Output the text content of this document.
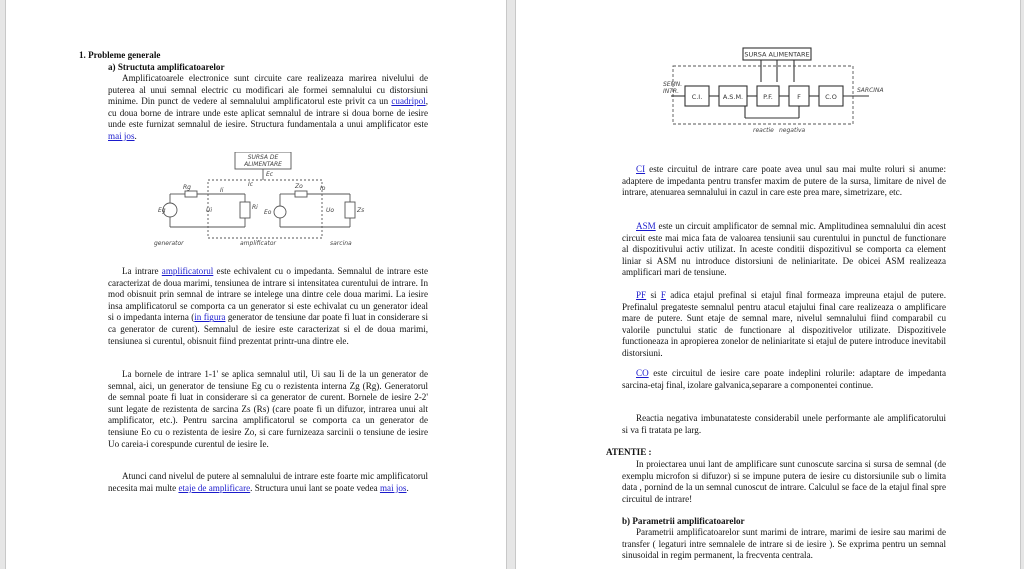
1. Probleme generale

a) Structuta amplificatoarelor

Amplificatoarele electronice sunt circuite care realizeaza marirea nivelului de puterea al unui semnal electric cu modificari ale formei semnalului cu distorsiuni minime. Din punct de vedere al semnalului amplificatorul este privit ca un cuadripol, cu doua borne de intrare unde este aplicat semnalul de intrare si doua borne de iesire unde este furnizat semnalul de iesire. Structura fundamentala a unui amplificator este mai jos.

SURSA DE
ALIMENTARE
Ec
Ic
Eg
Rg
Ui	Ri
Ii
Eo
Zo
Uo
Io
Zs
generator	amplificator	sarcina

La intrare amplificatorul este echivalent cu o impedanta. Semnalul de intrare este caracterizat de doua marimi, tensiunea de intrare si intensitatea curentului de intrare. In mod obisnuit prin semnal de intrare se intelege una dintre cele doua marimi. La iesire insa amplificatorul se comporta ca un generator si este echivalat cu un generator ideal si o impedanta interna (in figura generator de tensiune dar poate fi luat in considerare si ca generator de curent). Semnalul de iesire este caracterizat si el de doua marimi, tensiunea si curentul, obisnuit fiind prezentat printr-una dintre ele.

La bornele de intrare 1-1' se aplica semnalul util, Ui sau Ii de la un generator de semnal, aici, un generator de tensiune Eg cu o rezistenta interna Zg (Rg). Generatorul de semnal poate fi luat in considerare si ca generator de curent. Bornele de iesire 2-2' sunt legate de rezistenta de sarcina Zs (Rs) (care poate fi un difuzor, intrarea unui alt amplificator, etc.). Pentru sarcina amplificatorul se comporta ca un generator de tensiune Eo cu o rezistenta de iesire Zo, si care furnizeaza sarcinii o tensiune de iesire Uo careia-i corespunde curentul de iesire Ie.

Atunci cand nivelul de putere al semnalului de intrare este foarte mic amplificatorul necesita mai multe etaje de amplificare. Structura unui lant se poate vedea mai jos.

SURSA ALIMENTARE
SEMN.
INTR.
C.I.	A.S.M.	P.F.	F	C.O
SARCINA
reactie negativa

CI este circuitul de intrare care poate avea unul sau mai multe roluri si anume: adaptere de impedanta pentru transfer maxim de putere de la sursa, limitare de nivel de intrare, atenuarea semnalului in cazul in care este prea mare, simetrizare, etc.

ASM este un circuit amplificator de semnal mic. Amplitudinea semnalului din acest circuit este mai mica fata de valoarea tensiunii sau curentului in punctul de functionare al dispozitivului activ utilizat. In aceste conditii dispozitivul se comporta ca element liniar si ASM nu introduce distorsiuni de neliniaritate. De obicei ASM realizeaza amplificari mari de tensiune.

PF si F adica etajul prefinal si etajul final formeaza impreuna etajul de putere. Prefinalul pregateste semnalul pentru atacul etajului final care realizeaza o amplificare mare de putere. Sunt etaje de semnal mare, nivelul semnalului fiind comparabil cu valorile punctului static de functionare al dispozitivelor utilizate. Dispozitivele functioneaza in apropierea zonelor de neliniaritate si etajul de putere introduce inevitabil distorsiuni.

CO este circuitul de iesire care poate indeplini rolurile: adaptare de impedanta sarcina-etaj final, izolare galvanica,separare a componentei continue.

Reactia negativa imbunatateste considerabil unele performante ale amplificatorului si va fi tratata pe larg.

ATENTIE :

In proiectarea unui lant de amplificare sunt cunoscute sarcina si sursa de semnal (de exemplu microfon si difuzor) si se impune putera de iesire cu distorsiunile sub o limita data , pornind de la un semnal cunoscut de intrare. Calculul se face de la etajul final spre circuitul de intrare!

b) Parametrii amplificatoarelor

Parametrii amplificatoarelor sunt marimi de intrare, marimi de iesire sau marimi de transfer ( legaturi intre semnalele de intrare si de iesire ). Se exprima pentru un semnal sinusoidal in regim permanent, la frecventa centrala.
